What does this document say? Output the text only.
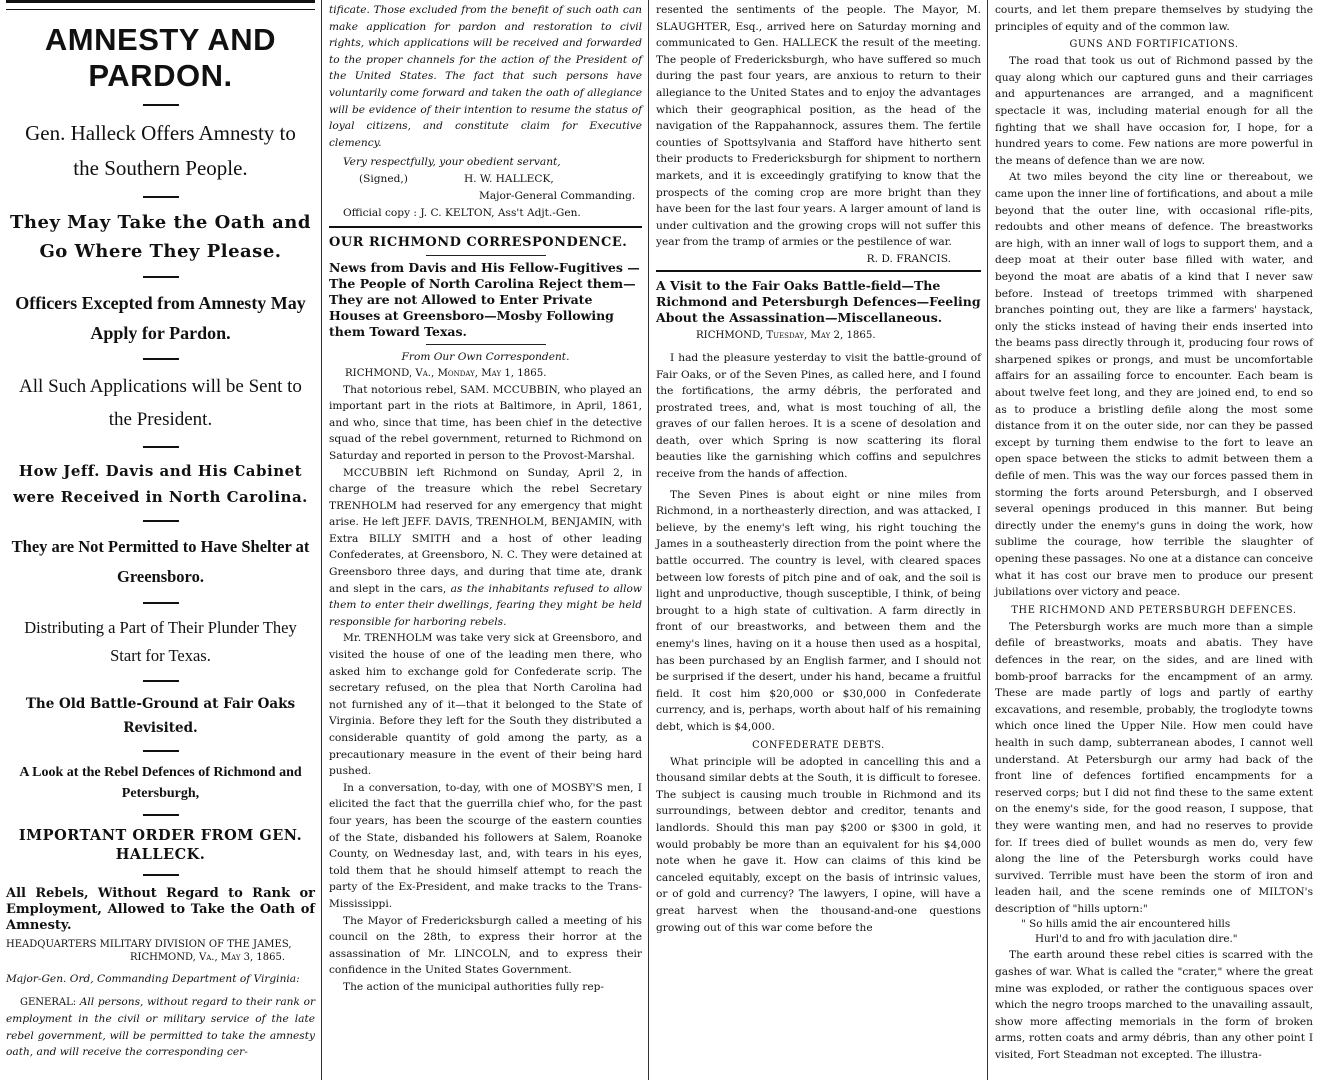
AMNESTY AND PARDON.
Gen. Halleck Offers Amnesty to the Southern People.
They May Take the Oath and Go Where They Please.
Officers Excepted from Amnesty May Apply for Pardon.
All Such Applications will be Sent to the President.
How Jeff. Davis and His Cabinet were Received in North Carolina.
They are Not Permitted to Have Shelter at Greensboro.
Distributing a Part of Their Plunder They Start for Texas.
The Old Battle-Ground at Fair Oaks Revisited.
A Look at the Rebel Defences of Richmond and Petersburgh,
IMPORTANT ORDER FROM GEN. HALLECK.
All Rebels, Without Regard to Rank or Employment, Allowed to Take the Oath of Amnesty.

HEADQUARTERS MILITARY DIVISION OF THE JAMES,

RICHMOND, Va., May 3, 1865.

Major-Gen. Ord, Commanding Department of Virginia:

GENERAL: All persons, without regard to their rank or employment in the civil or military service of the late rebel government, will be permitted to take the amnesty oath, and will receive the corresponding cer-

tificate. Those excluded from the benefit of such oath can make application for pardon and restoration to civil rights, which applications will be received and forwarded to the proper channels for the action of the President of the United States. The fact that such persons have voluntarily come forward and taken the oath of allegiance will be evidence of their intention to resume the status of loyal citizens, and constitute claim for Executive clemency.

Very respectfully, your obedient servant,

(Signed,)	H. W. HALLECK,

Major-General Commanding.

Official copy : J. C. KELTON, Ass't Adjt.-Gen.

OUR RICHMOND CORRESPONDENCE.
News from Davis and His Fellow-Fugitives —The People of North Carolina Reject them—They are not Allowed to Enter Private Houses at Greensboro—Mosby Following them Toward Texas.

From Our Own Correspondent.

RICHMOND, Va., Monday, May 1, 1865.

That notorious rebel, SAM. MCCUBBIN, who played an important part in the riots at Baltimore, in April, 1861, and who, since that time, has been chief in the detective squad of the rebel government, returned to Richmond on Saturday and reported in person to the Provost-Marshal.

MCCUBBIN left Richmond on Sunday, April 2, in charge of the treasure which the rebel Secretary TRENHOLM had reserved for any emergency that might arise. He left JEFF. DAVIS, TRENHOLM, BENJAMIN, with Extra BILLY SMITH and a host of other leading Confederates, at Greensboro, N. C. They were detained at Greensboro three days, and during that time ate, drank and slept in the cars, as the inhabitants refused to allow them to enter their dwellings, fearing they might be held responsible for harboring rebels.

Mr. TRENHOLM was take very sick at Greensboro, and visited the house of one of the leading men there, who asked him to exchange gold for Confederate scrip. The secretary refused, on the plea that North Carolina had not furnished any of it—that it belonged to the State of Virginia. Before they left for the South they distributed a considerable quantity of gold among the party, as a precautionary measure in the event of their being hard pushed.

In a conversation, to-day, with one of MOSBY'S men, I elicited the fact that the guerrilla chief who, for the past four years, has been the scourge of the eastern counties of the State, disbanded his followers at Salem, Roanoke County, on Wednesday last, and, with tears in his eyes, told them that he should himself attempt to reach the party of the Ex-President, and make tracks to the Trans-Mississippi.

The Mayor of Fredericksburgh called a meeting of his council on the 28th, to express their horror at the assassination of Mr. LINCOLN, and to express their confidence in the United States Government.

The action of the municipal authorities fully rep-

resented the sentiments of the people. The Mayor, M. SLAUGHTER, Esq., arrived here on Saturday morning and communicated to Gen. HALLECK the result of the meeting. The people of Fredericksburgh, who have suffered so much during the past four years, are anxious to return to their allegiance to the United States and to enjoy the advantages which their geographical position, as the head of the navigation of the Rappahannock, assures them. The fertile counties of Spottsylvania and Stafford have hitherto sent their products to Fredericksburgh for shipment to northern markets, and it is exceedingly gratifying to know that the prospects of the coming crop are more bright than they have been for the last four years. A larger amount of land is under cultivation and the growing crops will not suffer this year from the tramp of armies or the pestilence of war.

R. D. FRANCIS.

A Visit to the Fair Oaks Battle-field—The Richmond and Petersburgh Defences—Feeling About the Assassination—Miscellaneous.

RICHMOND, Tuesday, May 2, 1865.

I had the pleasure yesterday to visit the battle-ground of Fair Oaks, or of the Seven Pines, as called here, and I found the fortifications, the army débris, the perforated and prostrated trees, and, what is most touching of all, the graves of our fallen heroes. It is a scene of desolation and death, over which Spring is now scattering its floral beauties like the garnishing which coffins and sepulchres receive from the hands of affection.

The Seven Pines is about eight or nine miles from Richmond, in a northeasterly direction, and was attacked, I believe, by the enemy's left wing, his right touching the James in a southeasterly direction from the point where the battle occurred. The country is level, with cleared spaces between low forests of pitch pine and of oak, and the soil is light and unproductive, though susceptible, I think, of being brought to a high state of cultivation. A farm directly in front of our breastworks, and between them and the enemy's lines, having on it a house then used as a hospital, has been purchased by an English farmer, and I should not be surprised if the desert, under his hand, became a fruitful field. It cost him $20,000 or $30,000 in Confederate currency, and is, perhaps, worth about half of his remaining debt, which is $4,000.

CONFEDERATE DEBTS.

What principle will be adopted in cancelling this and a thousand similar debts at the South, it is difficult to foresee. The subject is causing much trouble in Richmond and its surroundings, between debtor and creditor, tenants and landlords. Should this man pay $200 or $300 in gold, it would probably be more than an equivalent for his $4,000 note when he gave it. How can claims of this kind be canceled equitably, except on the basis of intrinsic values, or of gold and currency? The lawyers, I opine, will have a great harvest when the thousand-and-one questions growing out of this war come before the

courts, and let them prepare themselves by studying the principles of equity and of the common law.

GUNS AND FORTIFICATIONS.

The road that took us out of Richmond passed by the quay along which our captured guns and their carriages and appurtenances are arranged, and a magnificent spectacle it was, including material enough for all the fighting that we shall have occasion for, I hope, for a hundred years to come. Few nations are more powerful in the means of defence than we are now.

At two miles beyond the city line or thereabout, we came upon the inner line of fortifications, and about a mile beyond that the outer line, with occasional rifle-pits, redoubts and other means of defence. The breastworks are high, with an inner wall of logs to support them, and a deep moat at their outer base filled with water, and beyond the moat are abatis of a kind that I never saw before. Instead of treetops trimmed with sharpened branches pointing out, they are like a farmers' haystack, only the sticks instead of having their ends inserted into the beams pass directly through it, producing four rows of sharpened spikes or prongs, and must be uncomfortable affairs for an assailing force to encounter. Each beam is about twelve feet long, and they are joined end, to end so as to produce a bristling defile along the most some distance from it on the outer side, nor can they be passed except by turning them endwise to the fort to leave an open space between the sticks to admit between them a defile of men. This was the way our forces passed them in storming the forts around Petersburgh, and I observed several openings produced in this manner. But being directly under the enemy's guns in doing the work, how sublime the courage, how terrible the slaughter of opening these passages. No one at a distance can conceive what it has cost our brave men to produce our present jubilations over victory and peace.

THE RICHMOND AND PETERSBURGH DEFENCES.

The Petersburgh works are much more than a simple defile of breastworks, moats and abatis. They have defences in the rear, on the sides, and are lined with bomb-proof barracks for the encampment of an army. These are made partly of logs and partly of earthy excavations, and resemble, probably, the troglodyte towns which once lined the Upper Nile. How men could have health in such damp, subterranean abodes, I cannot well understand. At Petersburgh our army had back of the front line of defences fortified encampments for a reserved corps; but I did not find these to the same extent on the enemy's side, for the good reason, I suppose, that they were wanting men, and had no reserves to provide for. If trees died of bullet wounds as men do, very few along the line of the Petersburgh works could have survived. Terrible must have been the storm of iron and leaden hail, and the scene reminds one of MILTON's description of "hills uptorn:"

" So hills amid the air encountered hills

Hurl'd to and fro with jaculation dire."

The earth around these rebel cities is scarred with the gashes of war. What is called the "crater," where the great mine was exploded, or rather the contiguous spaces over which the negro troops marched to the unavailing assault, show more affecting memorials in the form of broken arms, rotten coats and army débris, than any other point I visited, Fort Steadman not excepted. The illustra-
